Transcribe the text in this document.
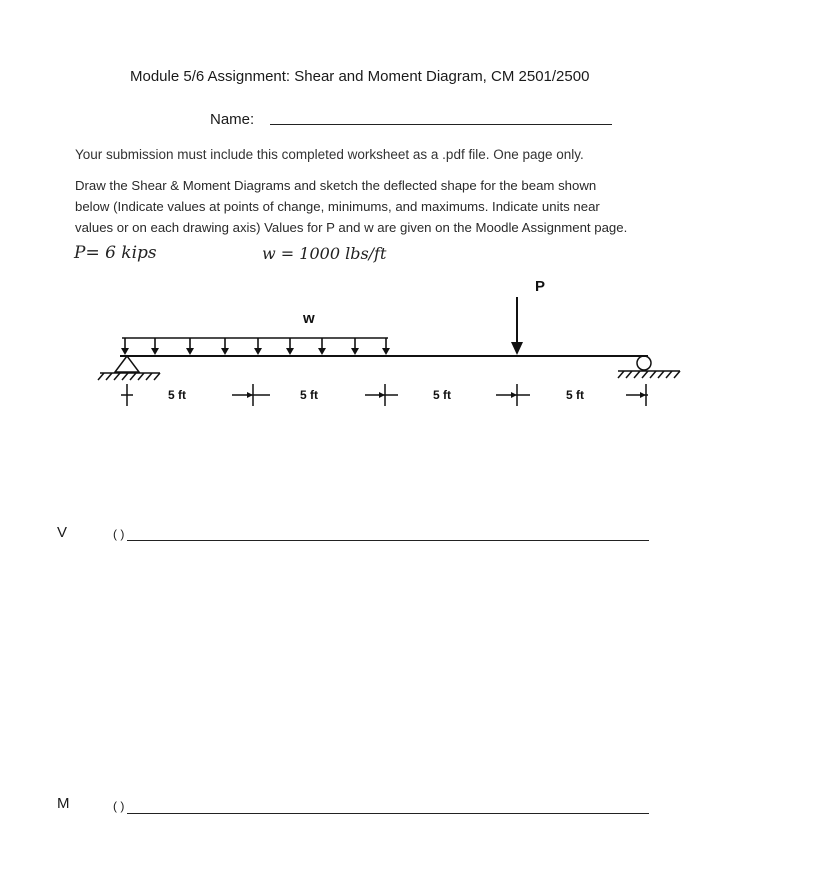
Module 5/6 Assignment: Shear and Moment Diagram, CM 2501/2500
Name:
Your submission must include this completed worksheet as a .pdf file. One page only.
Draw the Shear & Moment Diagrams and sketch the deflected shape for the beam shown
below (Indicate values at points of change, minimums, and maximums. Indicate units near
values or on each drawing axis) Values for P and w are given on the Moodle Assignment page.
P= 6 kips	w = 1000 lbs/ft
P
w
5 ft	5 ft	5 ft	5 ft
V	( )
M	( )
